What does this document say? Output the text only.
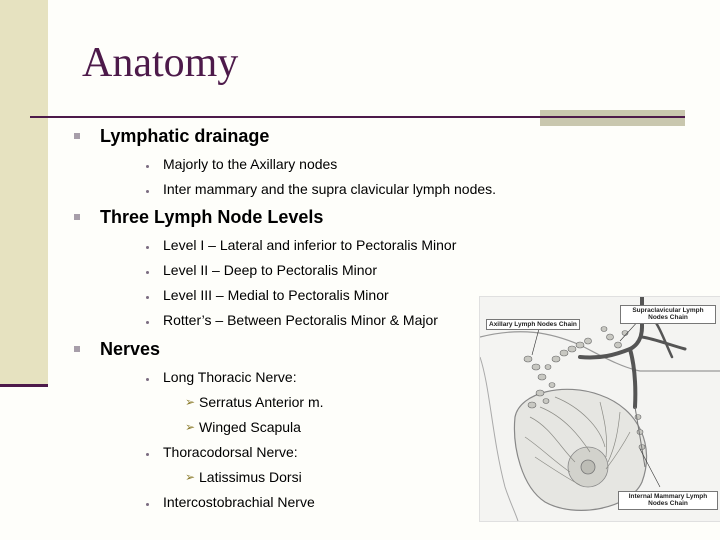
Anatomy
Lymphatic drainage
Majorly to the Axillary nodes
Inter mammary and the supra clavicular lymph nodes.
Three Lymph Node Levels
Level I – Lateral and inferior to Pectoralis Minor
Level II – Deep to Pectoralis Minor
Level III – Medial to Pectoralis Minor
Rotter’s – Between Pectoralis Minor & Major
Nerves
Long Thoracic Nerve:
➢ Serratus Anterior m.
➢ Winged Scapula
Thoracodorsal Nerve:
➢ Latissimus Dorsi
Intercostobrachial Nerve
Axillary Lymph Nodes Chain
Supraclavicular Lymph
Nodes Chain
Internal Mammary Lymph
Nodes Chain
